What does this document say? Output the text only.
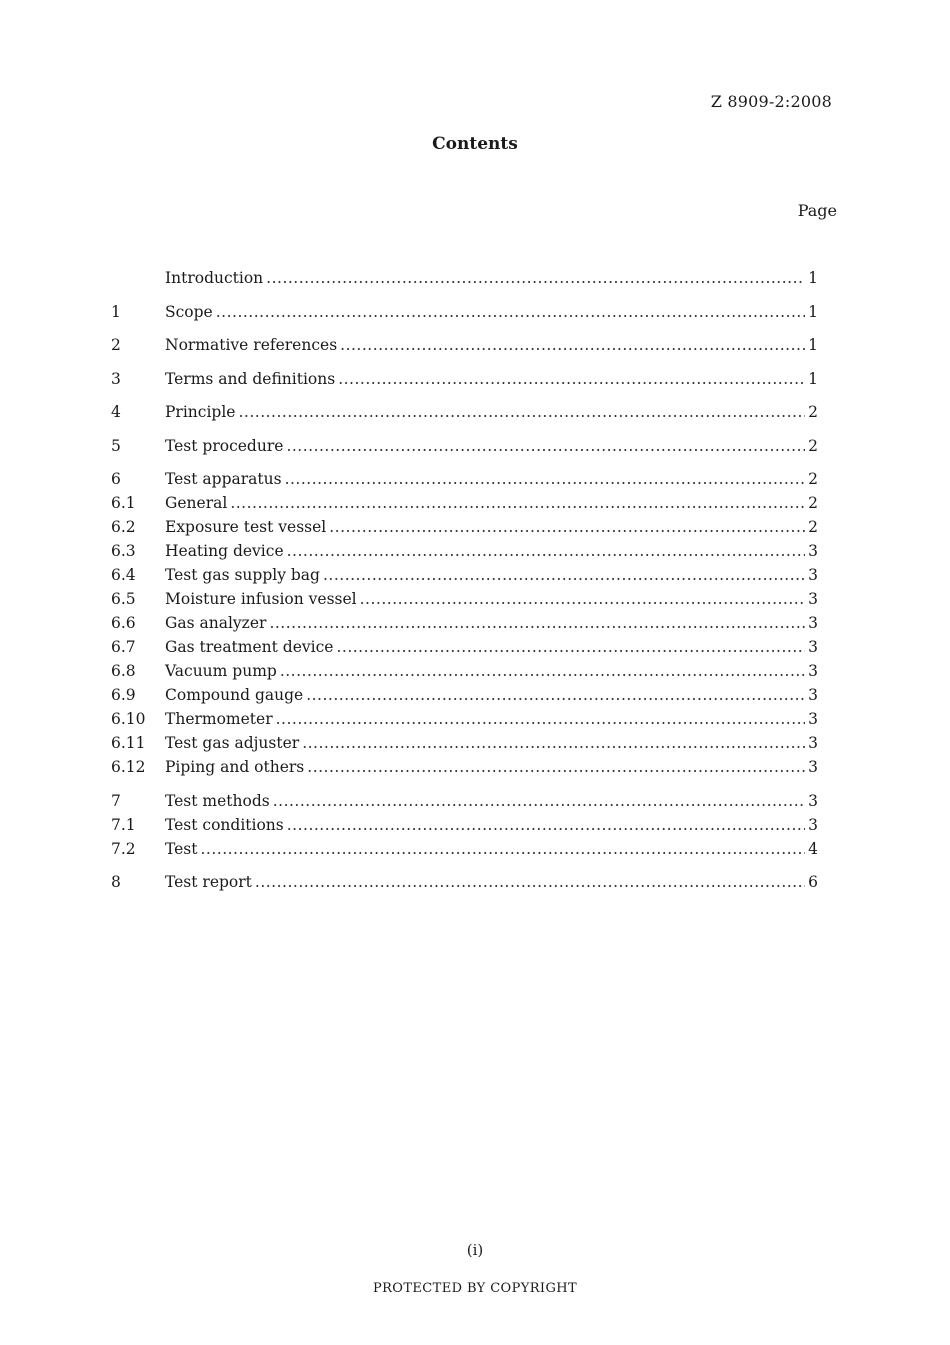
Z 8909-2:2008
Contents
Page
Introduction .....	1
1	Scope .....	1
2	Normative references .....	1
3	Terms and definitions .....	1
4	Principle .....	2
5	Test procedure .....	2
6	Test apparatus .....	2
6.1	General .....	2
6.2	Exposure test vessel .....	2
6.3	Heating device .....	3
6.4	Test gas supply bag .....	3
6.5	Moisture infusion vessel .....	3
6.6	Gas analyzer .....	3
6.7	Gas treatment device .....	3
6.8	Vacuum pump .....	3
6.9	Compound gauge .....	3
6.10	Thermometer .....	3
6.11	Test gas adjuster .....	3
6.12	Piping and others .....	3
7	Test methods .....	3
7.1	Test conditions .....	3
7.2	Test .....	4
8	Test report .....	6
(i)
PROTECTED BY COPYRIGHT
